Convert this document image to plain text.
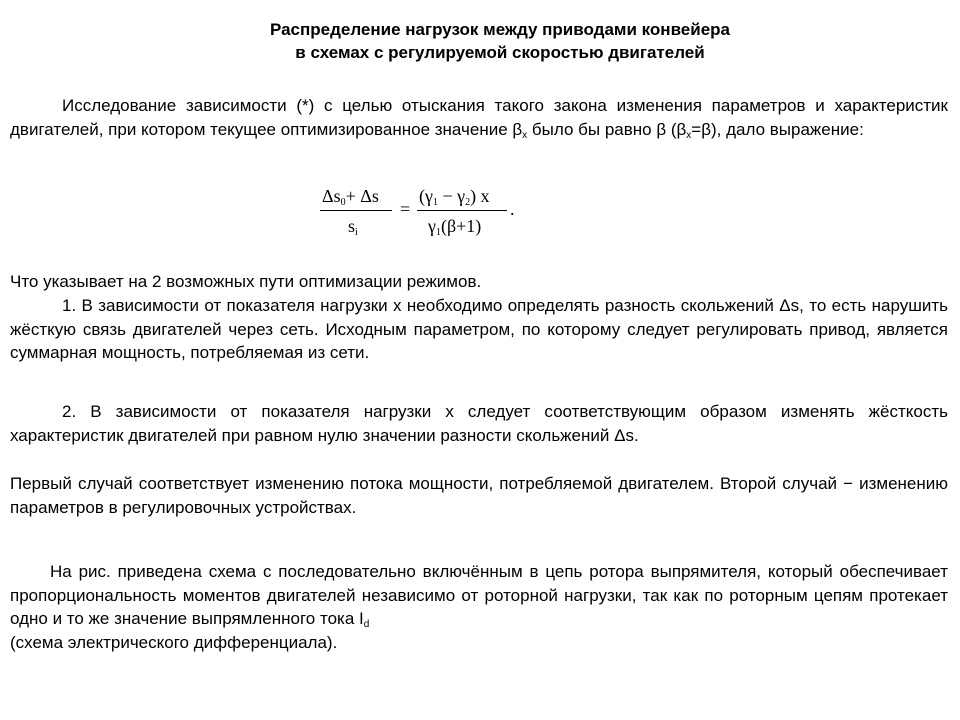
Распределение нагрузок между приводами конвейера
в схемах с регулируемой скоростью двигателей
Исследование зависимости (*) с целью отыскания такого закона изменения параметров и характеристик двигателей, при котором текущее оптимизированное значение $\beta_x$ было бы равно β $(\beta_x=\beta)$, дало выражение:
$\Delta s_0+ \Delta s$
$s_i$
=
$(\gamma_1 - \gamma_2)$ x
$\gamma_1(\beta+1)$
.
Что указывает на 2 возможных пути оптимизации режимов.
1. В зависимости от показателя нагрузки x необходимо определять разность скольжений Δs, то есть нарушить жёсткую связь двигателей через сеть. Исходным параметром, по которому следует регулировать привод, является суммарная мощность, потребляемая из сети.
2. В зависимости от показателя нагрузки x следует соответствующим образом изменять жёсткость характеристик двигателей при равном нулю значении разности скольжений Δs.
Первый случай соответствует изменению потока мощности, потребляемой двигателем. Второй случай − изменению параметров в регулировочных устройствах.
На рис. приведена схема с последовательно включённым в цепь ротора выпрямителя, который обеспечивает пропорциональность моментов двигателей независимо от роторной нагрузки, так как по роторным цепям протекает одно и то же значение выпрямленного тока $I_d$
(схема электрического дифференциала).
